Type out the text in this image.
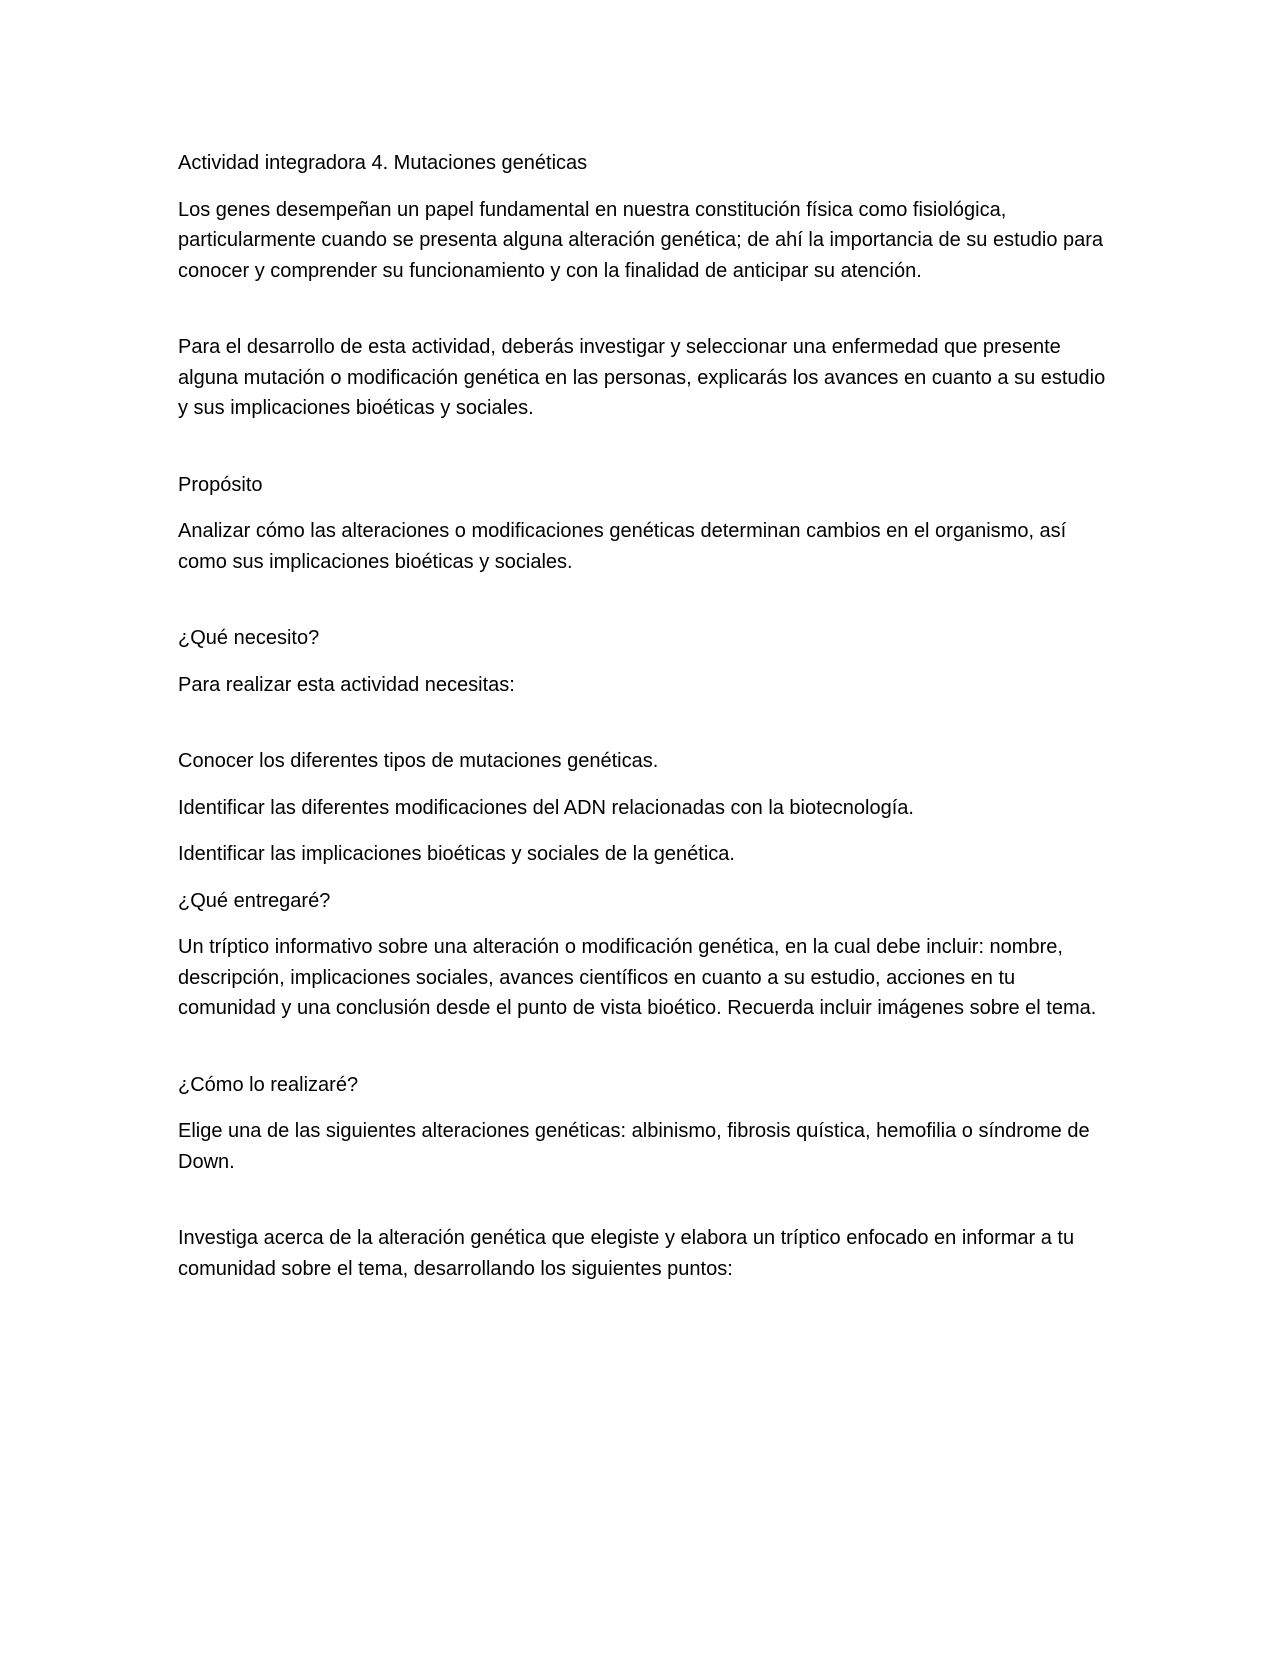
Actividad integradora 4. Mutaciones genéticas

Los genes desempeñan un papel fundamental en nuestra constitución física como fisiológica, particularmente cuando se presenta alguna alteración genética; de ahí la importancia de su estudio para conocer y comprender su funcionamiento y con la finalidad de anticipar su atención.

Para el desarrollo de esta actividad, deberás investigar y seleccionar una enfermedad que presente alguna mutación o modificación genética en las personas, explicarás los avances en cuanto a su estudio y sus implicaciones bioéticas y sociales.

Propósito

Analizar cómo las alteraciones o modificaciones genéticas determinan cambios en el organismo, así como sus implicaciones bioéticas y sociales.

¿Qué necesito?

Para realizar esta actividad necesitas:

Conocer los diferentes tipos de mutaciones genéticas.

Identificar las diferentes modificaciones del ADN relacionadas con la biotecnología.

Identificar las implicaciones bioéticas y sociales de la genética.

¿Qué entregaré?

Un tríptico informativo sobre una alteración o modificación genética, en la cual debe incluir: nombre, descripción, implicaciones sociales, avances científicos en cuanto a su estudio, acciones en tu comunidad y una conclusión desde el punto de vista bioético. Recuerda incluir imágenes sobre el tema.

¿Cómo lo realizaré?

Elige una de las siguientes alteraciones genéticas: albinismo, fibrosis quística, hemofilia o síndrome de Down.

Investiga acerca de la alteración genética que elegiste y elabora un tríptico enfocado en informar a tu comunidad sobre el tema, desarrollando los siguientes puntos:
